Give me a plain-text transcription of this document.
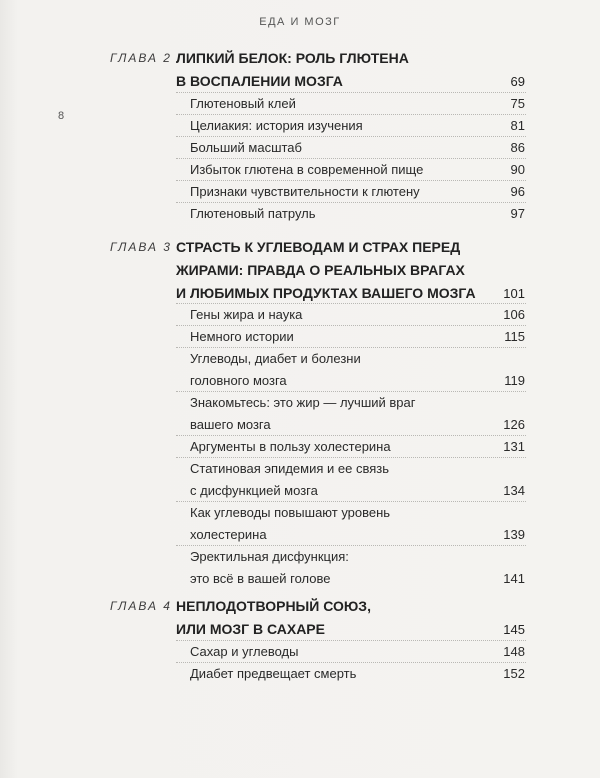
ЕДА И МОЗГ
8
ГЛАВА 2 ЛИПКИЙ БЕЛОК: РОЛЬ ГЛЮТЕНА
В ВОСПАЛЕНИИ МОЗГА	69
Глютеновый клей	75
Целиакия: история изучения	81
Больший масштаб	86
Избыток глютена в современной пище	90
Признаки чувствительности к глютену	96
Глютеновый патруль	97
ГЛАВА 3 СТРАСТЬ К УГЛЕВОДАМ И СТРАХ ПЕРЕД
ЖИРАМИ: ПРАВДА О РЕАЛЬНЫХ ВРАГАХ
И ЛЮБИМЫХ ПРОДУКТАХ ВАШЕГО МОЗГА 101
Гены жира и наука	106
Немного истории	115
Углеводы, диабет и болезни
головного мозга	119
Знакомьтесь: это жир — лучший враг
вашего мозга	126
Аргументы в пользу холестерина	131
Статиновая эпидемия и ее связь
с дисфункцией мозга	134
Как углеводы повышают уровень
холестерина	139
Эректильная дисфункция:
это всё в вашей голове	141
ГЛАВА 4 НЕПЛОДОТВОРНЫЙ СОЮЗ,
ИЛИ МОЗГ В САХАРЕ	145
Сахар и углеводы	148
Диабет предвещает смерть	152
